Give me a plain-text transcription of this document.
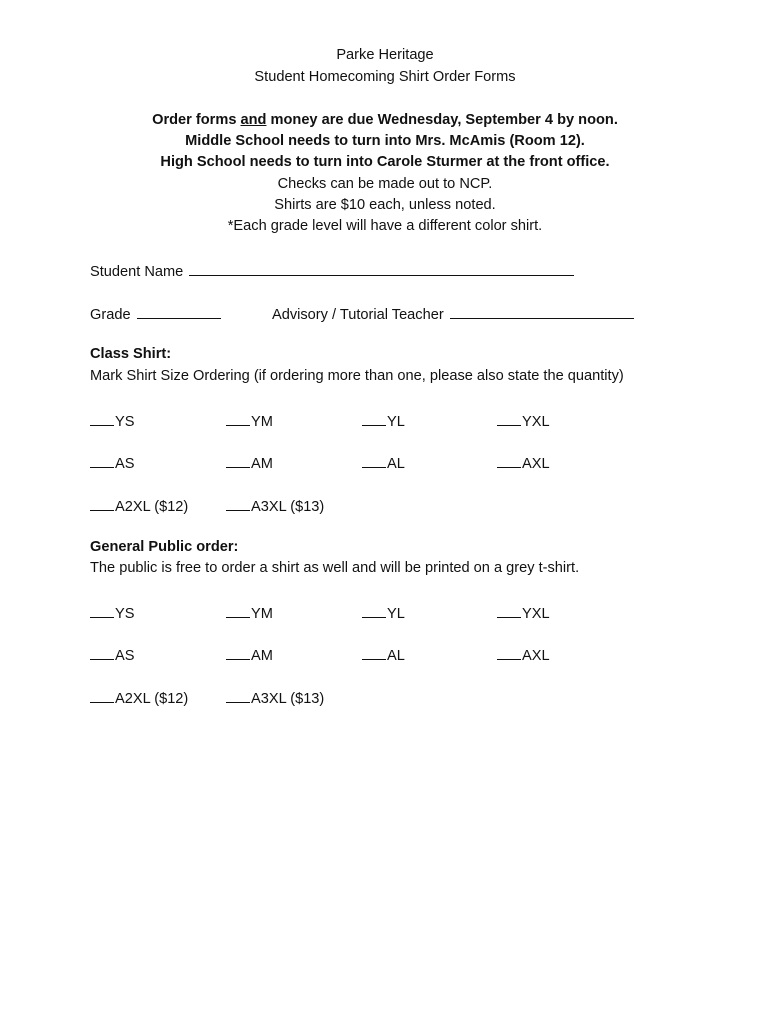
Parke Heritage
Student Homecoming Shirt Order Forms
Order forms and money are due Wednesday, September 4 by noon.
Middle School needs to turn into Mrs. McAmis (Room 12).
High School needs to turn into Carole Sturmer at the front office.
Checks can be made out to NCP.
Shirts are $10 each, unless noted.
*Each grade level will have a different color shirt.
Student Name
Grade	Advisory / Tutorial Teacher
Class Shirt:
Mark Shirt Size Ordering (if ordering more than one, please also state the quantity)
YS	YM	YL	YXL
AS	AM	AL	AXL
A2XL ($12)	A3XL ($13)
General Public order:
The public is free to order a shirt as well and will be printed on a grey t-shirt.
YS	YM	YL	YXL
AS	AM	AL	AXL
A2XL ($12)	A3XL ($13)
